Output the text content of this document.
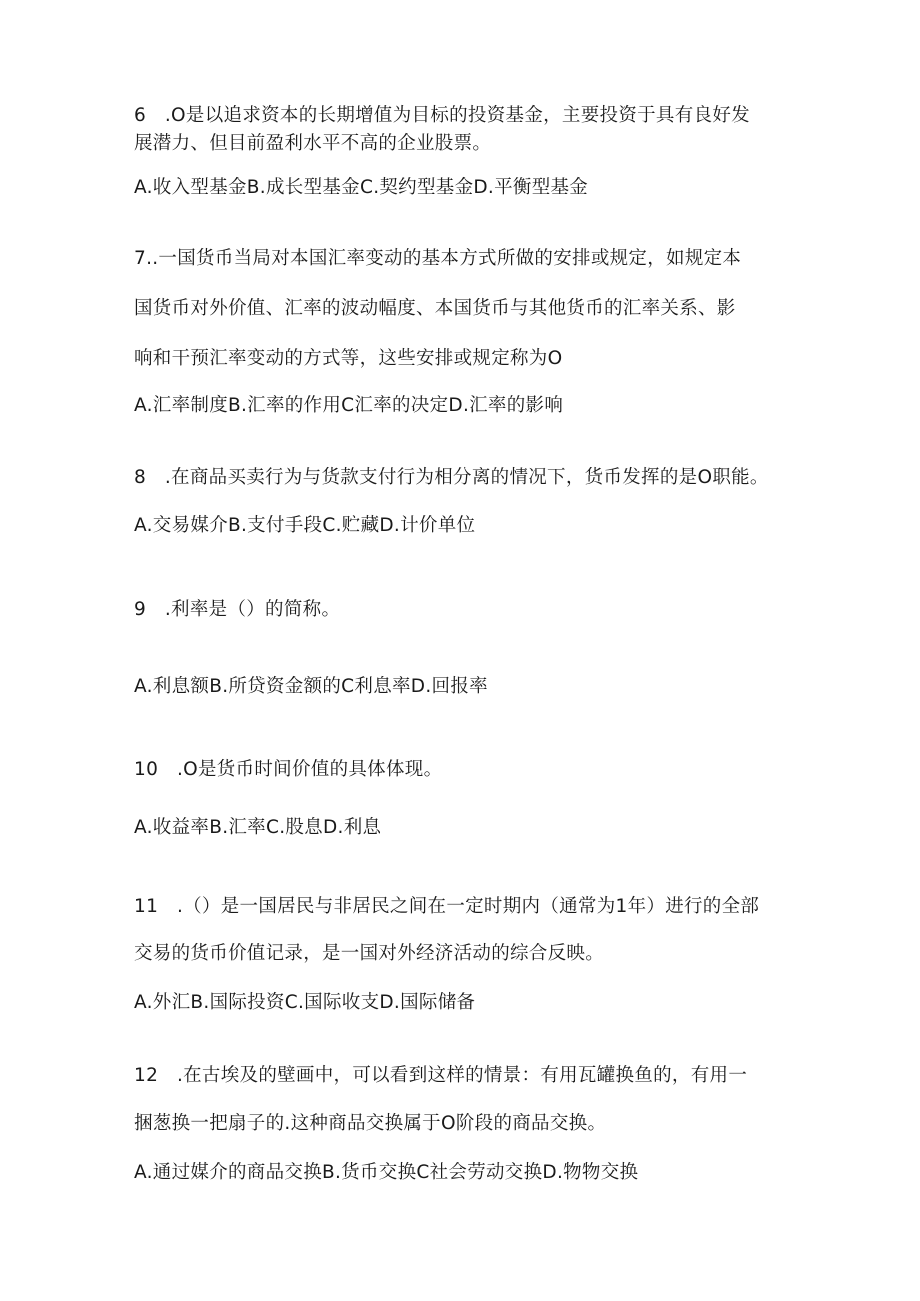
6　.O是以追求资本的长期增值为目标的投资基金，主要投资于具有良好发
展潜力、但目前盈利水平不高的企业股票。
A.收入型基金B.成长型基金C.契约型基金D.平衡型基金
7..一国货币当局对本国汇率变动的基本方式所做的安排或规定，如规定本
国货币对外价值、汇率的波动幅度、本国货币与其他货币的汇率关系、影
响和干预汇率变动的方式等，这些安排或规定称为O
A.汇率制度B.汇率的作用C汇率的决定D.汇率的影响
8　.在商品买卖行为与货款支付行为相分离的情况下，货币发挥的是O职能。
A.交易媒介B.支付手段C.贮藏D.计价单位
9　.利率是（）的简称。
A.利息额B.所贷资金额的C利息率D.回报率
10　.O是货币时间价值的具体体现。
A.收益率B.汇率C.股息D.利息
11　.（）是一国居民与非居民之间在一定时期内（通常为1年）进行的全部
交易的货币价值记录，是一国对外经济活动的综合反映。
A.外汇B.国际投资C.国际收支D.国际储备
12　.在古埃及的壁画中，可以看到这样的情景：有用瓦罐换鱼的，有用一
捆葱换一把扇子的.这种商品交换属于O阶段的商品交换。
A.通过媒介的商品交换B.货币交换C社会劳动交换D.物物交换
